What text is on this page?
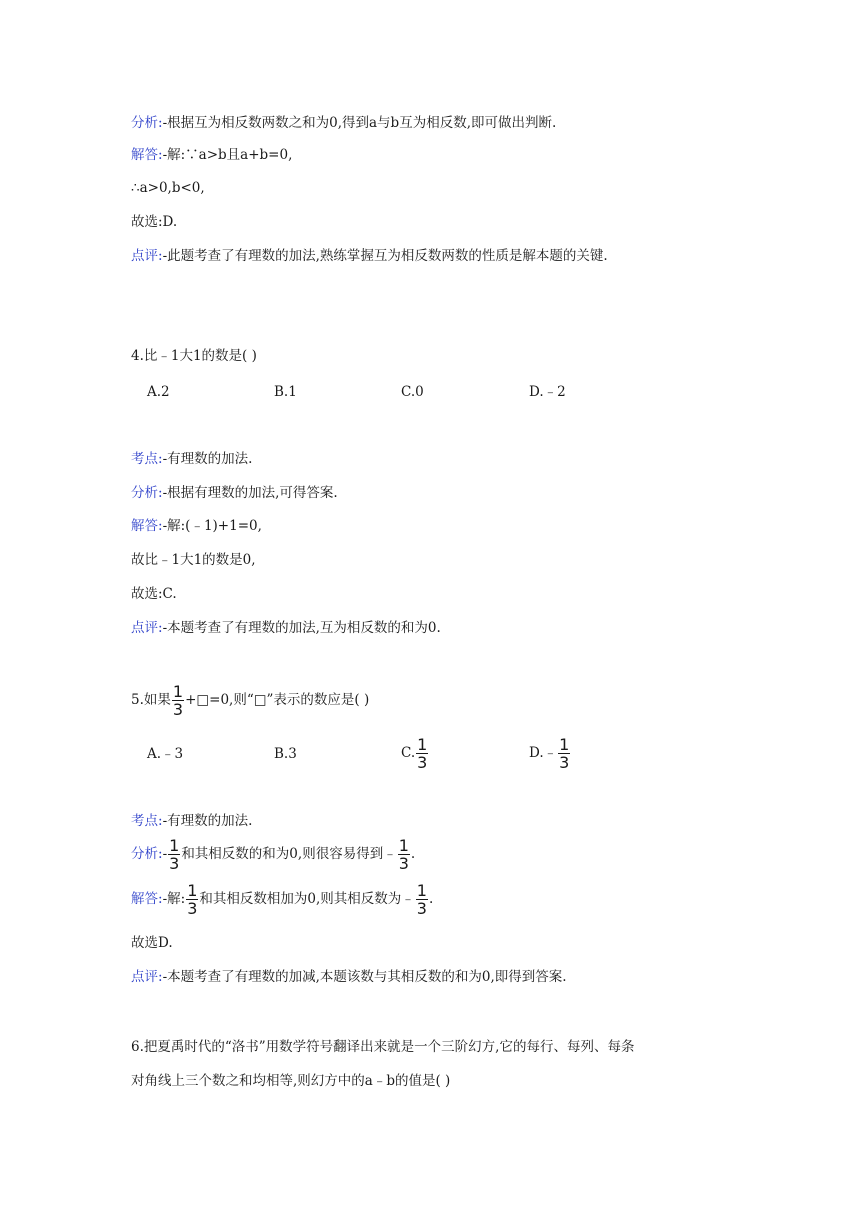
分析:-根据互为相反数两数之和为0,得到a与b互为相反数,即可做出判断.
解答:-解:∵a>b且a+b=0,
∴a>0,b<0,
故选:D.
点评:-此题考查了有理数的加法,熟练掌握互为相反数两数的性质是解本题的关键.
4.比﹣1大1的数是( )
A.2	B.1	C.0	D.﹣2
考点:-有理数的加法.
分析:-根据有理数的加法,可得答案.
解答:-解:(﹣1)+1=0,
故比﹣1大1的数是0,
故选:C.
点评:-本题考查了有理数的加法,互为相反数的和为0.
5.如果 $\frac{1}{3}$ +□=0,则“□”表示的数应是( )
A.﹣3	B.3	C. $\frac{1}{3}$	D.﹣ $\frac{1}{3}$
考点:-有理数的加法.
分析:- $\frac{1}{3}$ 和其相反数的和为0,则很容易得到﹣ $\frac{1}{3}$ .
解答:-解: $\frac{1}{3}$ 和其相反数相加为0,则其相反数为﹣ $\frac{1}{3}$ .
故选D.
点评:-本题考查了有理数的加减,本题该数与其相反数的和为0,即得到答案.
6.把夏禹时代的“洛书”用数学符号翻译出来就是一个三阶幻方,它的每行、每列、每条
对角线上三个数之和均相等,则幻方中的a﹣b的值是( )
